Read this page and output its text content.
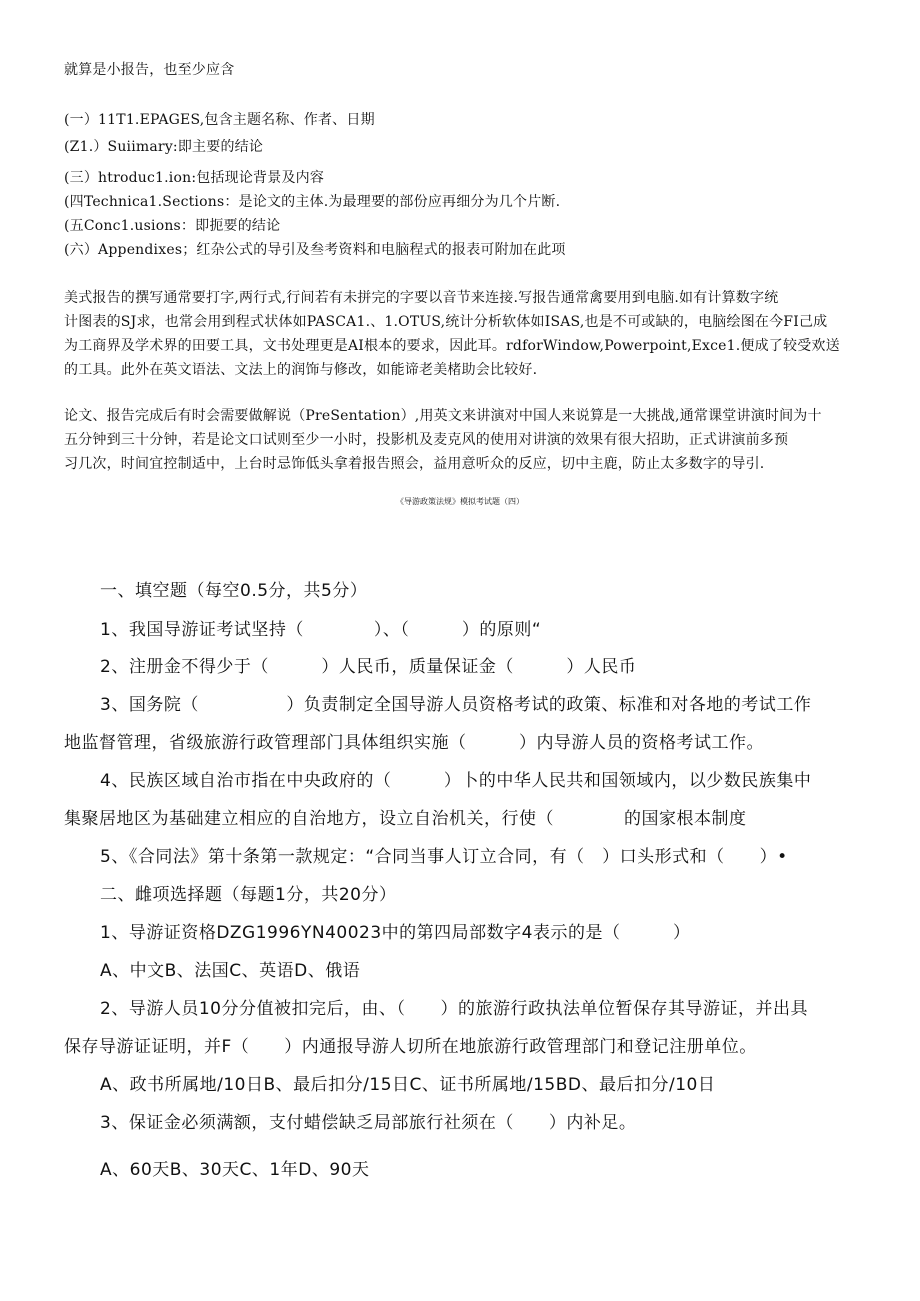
就算是小报告，也至少应含
(一）11T1.EPAGES,包含主题名称、作者、日期
(Z1.）Suiimary:即主要的结论
(三）htroduc1.ion:包括现论背景及内容
(四Technica1.Sections：是论文的主体.为最理要的部份应再细分为几个片断.
(五Conc1.usions：即扼要的结论
(六）Appendixes；红杂公式的导引及叁考资料和电脑程式的报表可附加在此项
美式报告的撰写通常要打字,两行式,行间若有未拼完的字要以音节来连接.写报告通常禽要用到电脑.如有计算数字统
计图表的SJ求，也常会用到程式状体如PASCA1.、1.OTUS,统计分析软体如ISAS,也是不可或缺的，电脑绘图在今FI己成
为工商界及学术界的田要工具，文书处理更是AI根本的要求，因此耳。rdforWindow,Powerpoint,Exce1.便成了较受欢送
的工具。此外在英文语法、文法上的润饰与修改，如能谛老美楮助会比较好.
论文、报告完成后有时会需要做解说（PreSentation）,用英文来讲演对中国人来说算是一大挑战,通常课堂讲演时间为十
五分钟到三十分钟，若是论文口试则至少一小时，投影机及麦克风的使用对讲演的效果有很大招助，正式讲演前多预
习几次，时间宜控制适中，上台时忌饰低头拿着报告照会，益用意听众的反应，切中主鹿，防止太多数字的导引.
《导游政策法规》模拟考试题（四）
一、填空题（每空0.5分，共5分）
1、我国导游证考试坚持（　　　　）、（　　　）的原则“
2、注册金不得少于（　　　）人民币，质量保证金（　　　）人民币
3、国务院（　　　　　）负责制定全国导游人员资格考试的政策、标准和对各地的考试工作
地监督管理，省级旅游行政管理部门具体组织实施（　　　）内导游人员的资格考试工作。
4、民族区域自治市指在中央政府的（　　　）卜的中华人民共和国领域内，以少数民族集中
集聚居地区为基础建立相应的自治地方，设立自治机关，行使（　　　　的国家根本制度
5、《合同法》第十条第一款规定：“合同当事人订立合同，有（　）口头形式和（　　）•
二、雌项选择题（每题1分，共20分）
1、导游证资格DZG1996YN40023中的第四局部数字4表示的是（　　　）
A、中文B、法国C、英语D、俄语
2、导游人员10分分值被扣完后，由、（　　）的旅游行政执法单位暂保存其导游证，并出具
保存导游证证明，并F（　　）内通报导游人切所在地旅游行政管理部门和登记注册单位。
A、政书所属地/10日B、最后扣分/15日C、证书所属地/15BD、最后扣分/10日
3、保证金必须满额，支付蜡偿缺乏局部旅行社须在（　　）内补足。
A、60天B、30天C、1年D、90天
